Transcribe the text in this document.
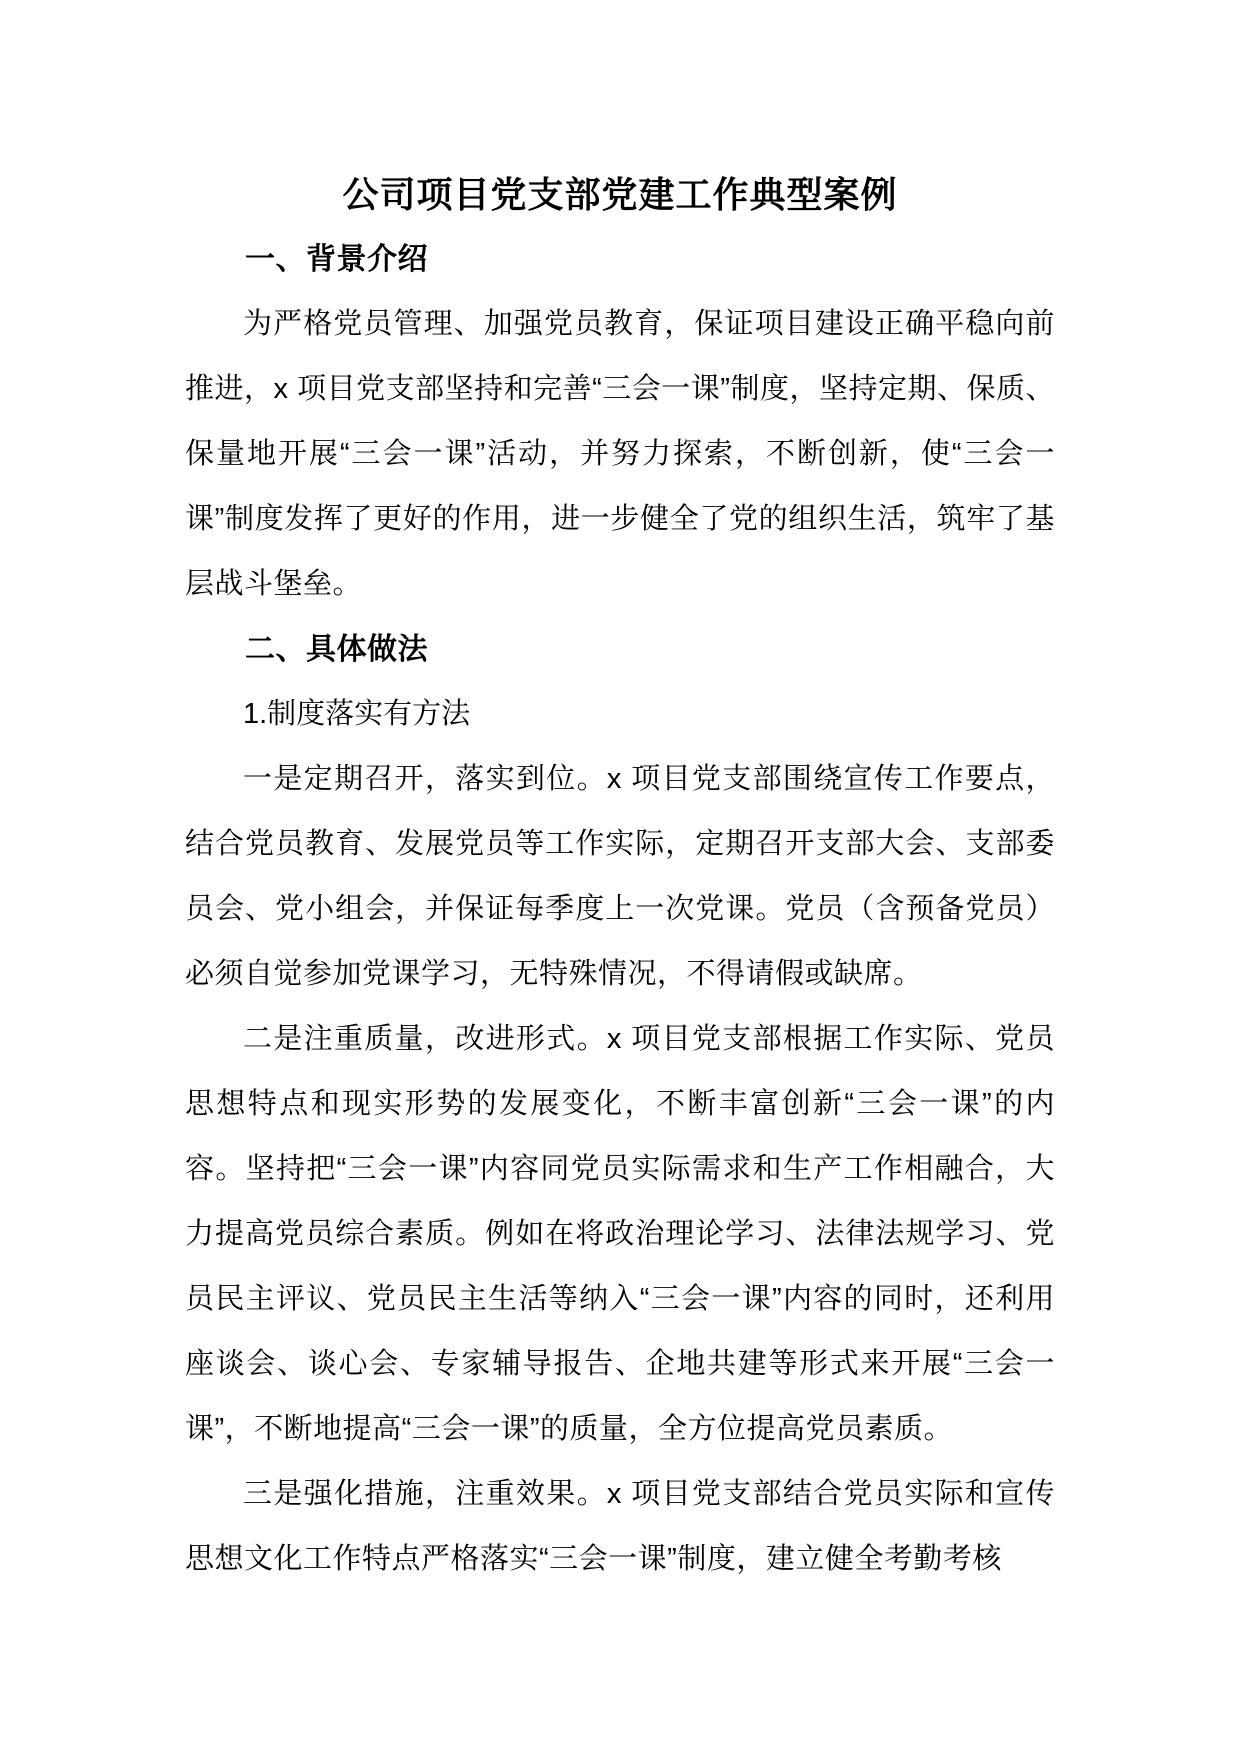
公司项目党支部党建工作典型案例
一、背景介绍

为严格党员管理、加强党员教育，保证项目建设正确平稳向前推进，x 项目党支部坚持和完善“三会一课”制度，坚持定期、保质、保量地开展“三会一课”活动，并努力探索，不断创新，使“三会一课”制度发挥了更好的作用，进一步健全了党的组织生活，筑牢了基层战斗堡垒。

二、具体做法

1.制度落实有方法

一是定期召开，落实到位。x 项目党支部围绕宣传工作要点，结合党员教育、发展党员等工作实际，定期召开支部大会、支部委员会、党小组会，并保证每季度上一次党课。党员（含预备党员）必须自觉参加党课学习，无特殊情况，不得请假或缺席。

二是注重质量，改进形式。x 项目党支部根据工作实际、党员思想特点和现实形势的发展变化，不断丰富创新“三会一课”的内容。坚持把“三会一课”内容同党员实际需求和生产工作相融合，大力提高党员综合素质。例如在将政治理论学习、法律法规学习、党员民主评议、党员民主生活等纳入“三会一课”内容的同时，还利用座谈会、谈心会、专家辅导报告、企地共建等形式来开展“三会一课”，不断地提高“三会一课”的质量，全方位提高党员素质。

三是强化措施，注重效果。x 项目党支部结合党员实际和宣传思想文化工作特点严格落实“三会一课”制度，建立健全考勤考核
